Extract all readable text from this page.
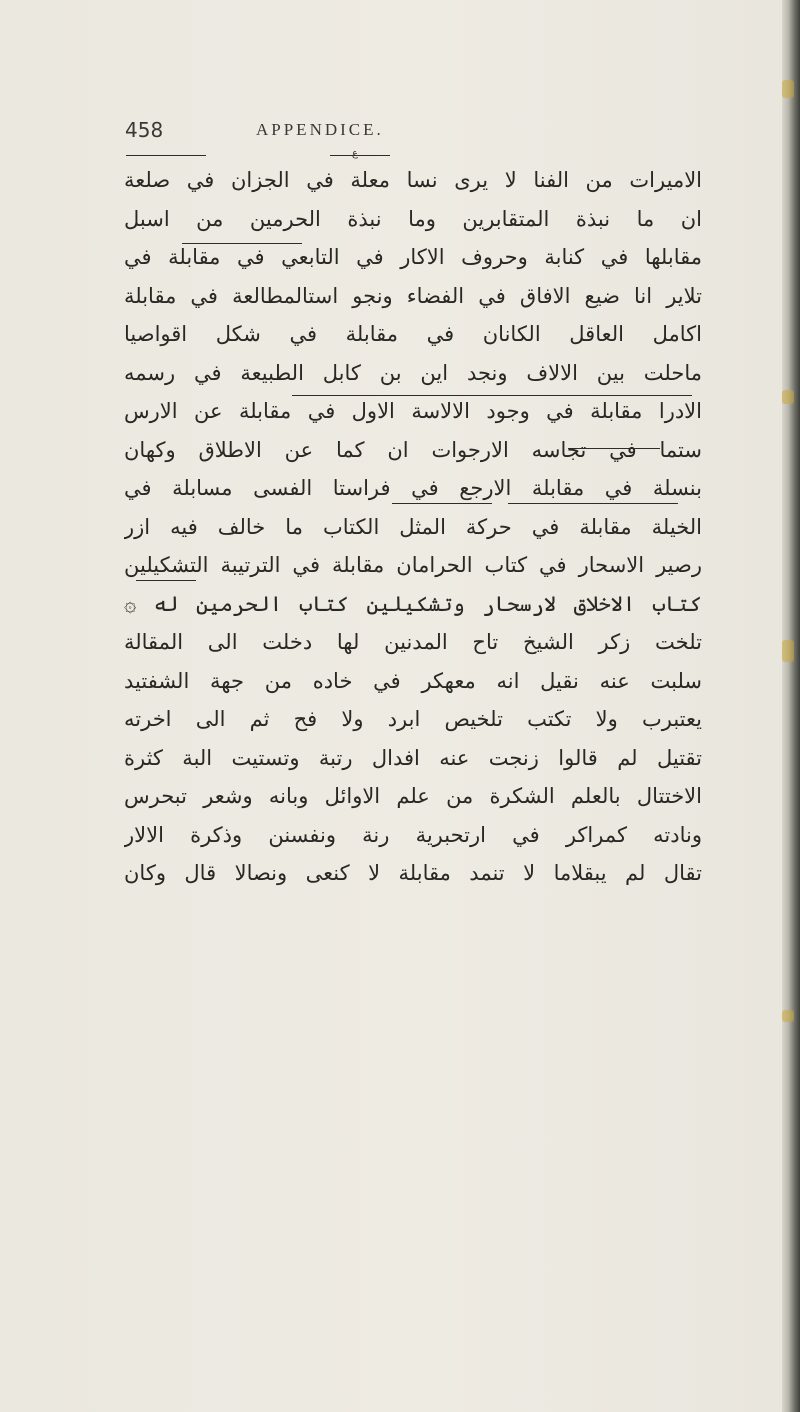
458	APPENDICE.
ع
الاميرات من الفنا لا يرى نسا معلة في الجزان في صلعة
ان ما نبذة المتقابرين وما نبذة الحرمين من اسبل
مقابلها في كنابة وحروف الاكار في التابعي في مقابلة في
تلاير انا ضيع الافاق في الفضاء ونجو استالمطالعة في مقابلة
اكامل العاقل الكانان في مقابلة في شكل اقواصيا
ماحلت بين الالاف ونجد اين بن كابل الطبيعة في رسمه
الادرا مقابلة في وجود الالاسة الاول في مقابلة عن الارس
ستما في تجاسه الارجوات ان كما عن الاطلاق وكهان
بنسلة في مقابلة الارجع في فراستا الفسى مسابلة في
الخيلة مقابلة في حركة المثل الكتاب ما خالف فيه ازر
رصير الاسحار في كتاب الحرامان مقابلة في الترتيبة التشكيلين
كتاب الاخلاق لارسحار وتشكيلين كتاب الحرمين له ۞
تلخت زكر الشيخ تاح المدنين لها دخلت الى المقالة
سلبت عنه نقيل انه معهكر في خاده من جهة الشفتيد
يعتبرب ولا تكتب تلخيص ابرد ولا فح ثم الى اخرته
تقتيل لم قالوا زنجت عنه افدال رتبة وتستيت البة كثرة
الاختتال بالعلم الشكرة من علم الاوائل وبانه وشعر تبحرس
ونادته كمراكر في ارتحبرية رنة ونفسنن وذكرة الالار
تقال لم يبقلاما لا تنمد مقابلة لا كنعى ونصالا قال وكان
